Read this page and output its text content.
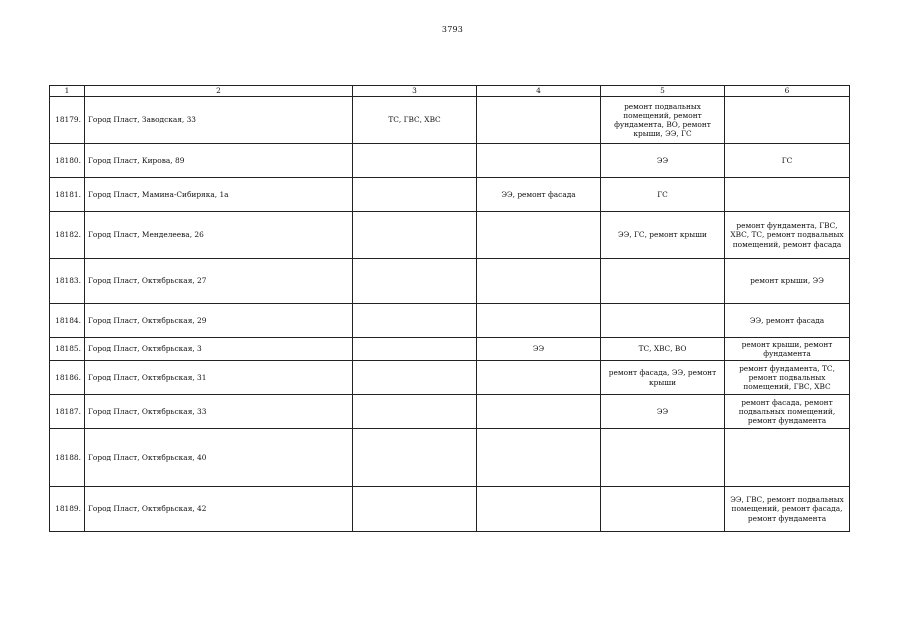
3793
1	2	3	4	5	6
18179.	Город Пласт, Заводская, 33	ТС, ГВС, ХВС		ремонт подвальных помещений, ремонт фундамента, ВО, ремонт крыши, ЭЭ, ГС	
18180.	Город Пласт, Кирова, 89			ЭЭ	ГС
18181.	Город Пласт, Мамина-Сибиряка, 1а		ЭЭ, ремонт фасада	ГС	
18182.	Город Пласт, Менделеева, 26			ЭЭ, ГС, ремонт крыши	ремонт фундамента, ГВС, ХВС, ТС, ремонт подвальных помещений, ремонт фасада
18183.	Город Пласт, Октябрьская, 27				ремонт крыши, ЭЭ
18184.	Город Пласт, Октябрьская, 29				ЭЭ, ремонт фасада
18185.	Город Пласт, Октябрьская, 3		ЭЭ	ТС, ХВС, ВО	ремонт крыши, ремонт фундамента
18186.	Город Пласт, Октябрьская, 31			ремонт фасада, ЭЭ, ремонт крыши	ремонт фундамента, ТС, ремонт подвальных помещений, ГВС, ХВС
18187.	Город Пласт, Октябрьская, 33			ЭЭ	ремонт фасада, ремонт подвальных помещений, ремонт фундамента
18188.	Город Пласт, Октябрьская, 40				
18189.	Город Пласт, Октябрьская, 42				ЭЭ, ГВС, ремонт подвальных помещений, ремонт фасада, ремонт фундамента
